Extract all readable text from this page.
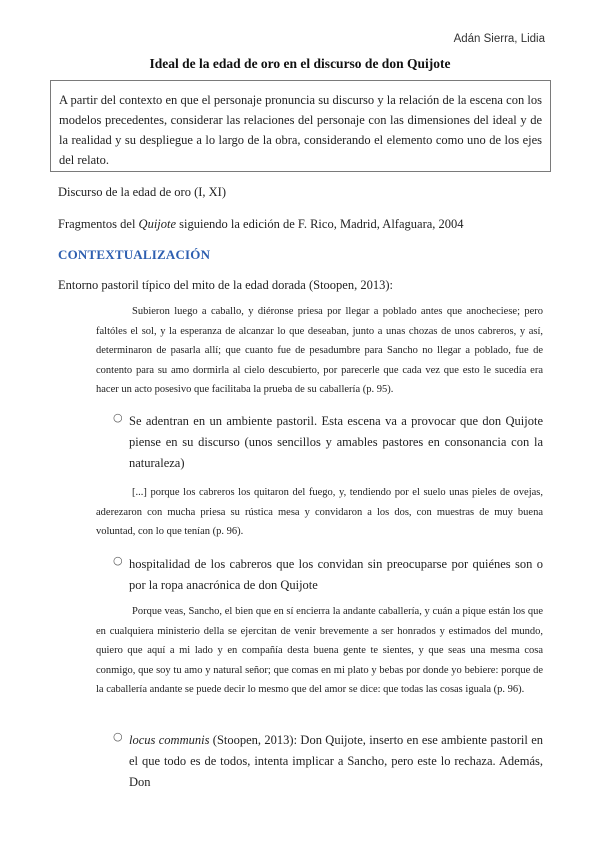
Adán Sierra, Lidia
Ideal de la edad de oro en el discurso de don Quijote
A partir del contexto en que el personaje pronuncia su discurso y la relación de la escena con los modelos precedentes, considerar las relaciones del personaje con las dimensiones del ideal y de la realidad y su despliegue a lo largo de la obra, considerando el elemento como uno de los ejes del relato.
Discurso de la edad de oro (I, XI)
Fragmentos del Quijote siguiendo la edición de F. Rico, Madrid, Alfaguara, 2004
CONTEXTUALIZACIÓN
Entorno pastoril típico del mito de la edad dorada (Stoopen, 2013):
Subieron luego a caballo, y diéronse priesa por llegar a poblado antes que anocheciese; pero faltóles el sol, y la esperanza de alcanzar lo que deseaban, junto a unas chozas de unos cabreros, y así, determinaron de pasarla allí; que cuanto fue de pesadumbre para Sancho no llegar a poblado, fue de contento para su amo dormirla al cielo descubierto, por parecerle que cada vez que esto le sucedía era hacer un acto posesivo que facilitaba la prueba de su caballería (p. 95).
○ Se adentran en un ambiente pastoril. Esta escena va a provocar que don Quijote piense en su discurso (unos sencillos y amables pastores en consonancia con la naturaleza)
[...] porque los cabreros los quitaron del fuego, y, tendiendo por el suelo unas pieles de ovejas, aderezaron con mucha priesa su rústica mesa y convidaron a los dos, con muestras de muy buena voluntad, con lo que tenían (p. 96).
○ hospitalidad de los cabreros que los convidan sin preocuparse por quiénes son o por la ropa anacrónica de don Quijote
Porque veas, Sancho, el bien que en sí encierra la andante caballería, y cuán a pique están los que en cualquiera ministerio della se ejercitan de venir brevemente a ser honrados y estimados del mundo, quiero que aquí a mi lado y en compañía desta buena gente te sientes, y que seas una mesma cosa conmigo, que soy tu amo y natural señor; que comas en mi plato y bebas por donde yo bebiere: porque de la caballería andante se puede decir lo mesmo que del amor se dice: que todas las cosas iguala (p. 96).
○ locus communis (Stoopen, 2013): Don Quijote, inserto en ese ambiente pastoril en el que todo es de todos, intenta implicar a Sancho, pero este lo rechaza. Además, Don
